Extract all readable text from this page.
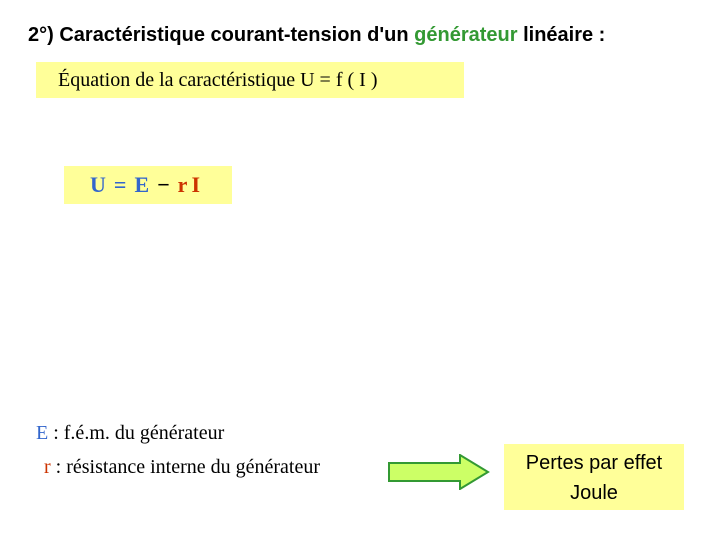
2°) Caractéristique courant-tension d'un générateur linéaire :
Équation de la caractéristique U = f ( I )
U = E − r I
E : f.é.m. du générateur
r : résistance interne du générateur	Pertes par effet
Joule
